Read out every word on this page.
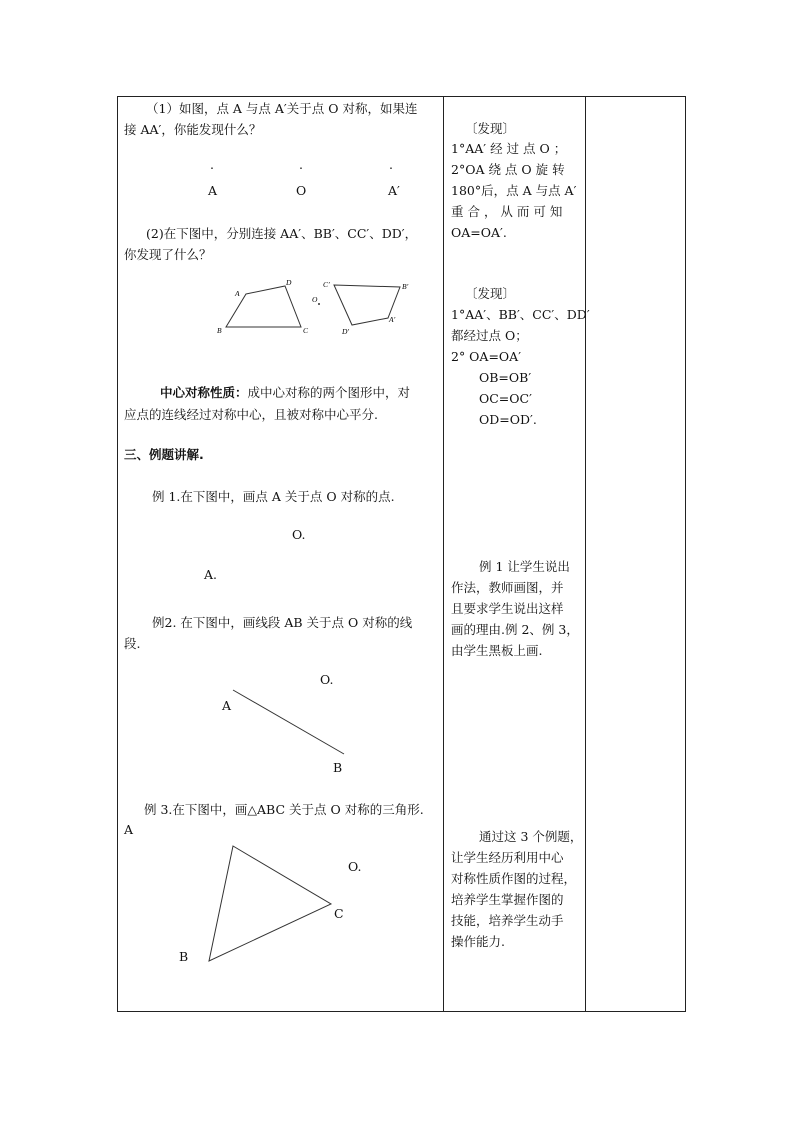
（1）如图，点 A 与点 A′关于点 O 对称，如果连
接 AA′，你能发现什么？
.	.	.
A	O	A′
(2)在下图中，分别连接 AA′、BB′、CC′、DD′，
你发现了什么？
A
D
B	C
O
C′	B′
D′
A′
中心对称性质：成中心对称的两个图形中，对
应点的连线经过对称中心，且被对称中心平分.
三、例题讲解.
例 1.在下图中，画点 A 关于点 O 对称的点.
O.
A.
例2. 在下图中，画线段 AB 关于点 O 对称的线
段.
O.
A
B
例 3.在下图中，画△ABC 关于点 O 对称的三角形.
A
O.
C
B
〔发现〕
1°AA′ 经 过 点 O ；
2°OA 绕 点 O 旋 转
180°后，点 A 与点 A′
重 合 ， 从 而 可 知
OA=OA′.
〔发现〕
1°AA′、BB′、CC′、DD′
都经过点 O；
2° OA=OA′
OB=OB′
OC=OC′
OD=OD′.
例 1 让学生说出
作法，教师画图，并
且要求学生说出这样
画的理由.例 2、例 3，
由学生黑板上画.
通过这 3 个例题，
让学生经历利用中心
对称性质作图的过程，
培养学生掌握作图的
技能，培养学生动手
操作能力.
